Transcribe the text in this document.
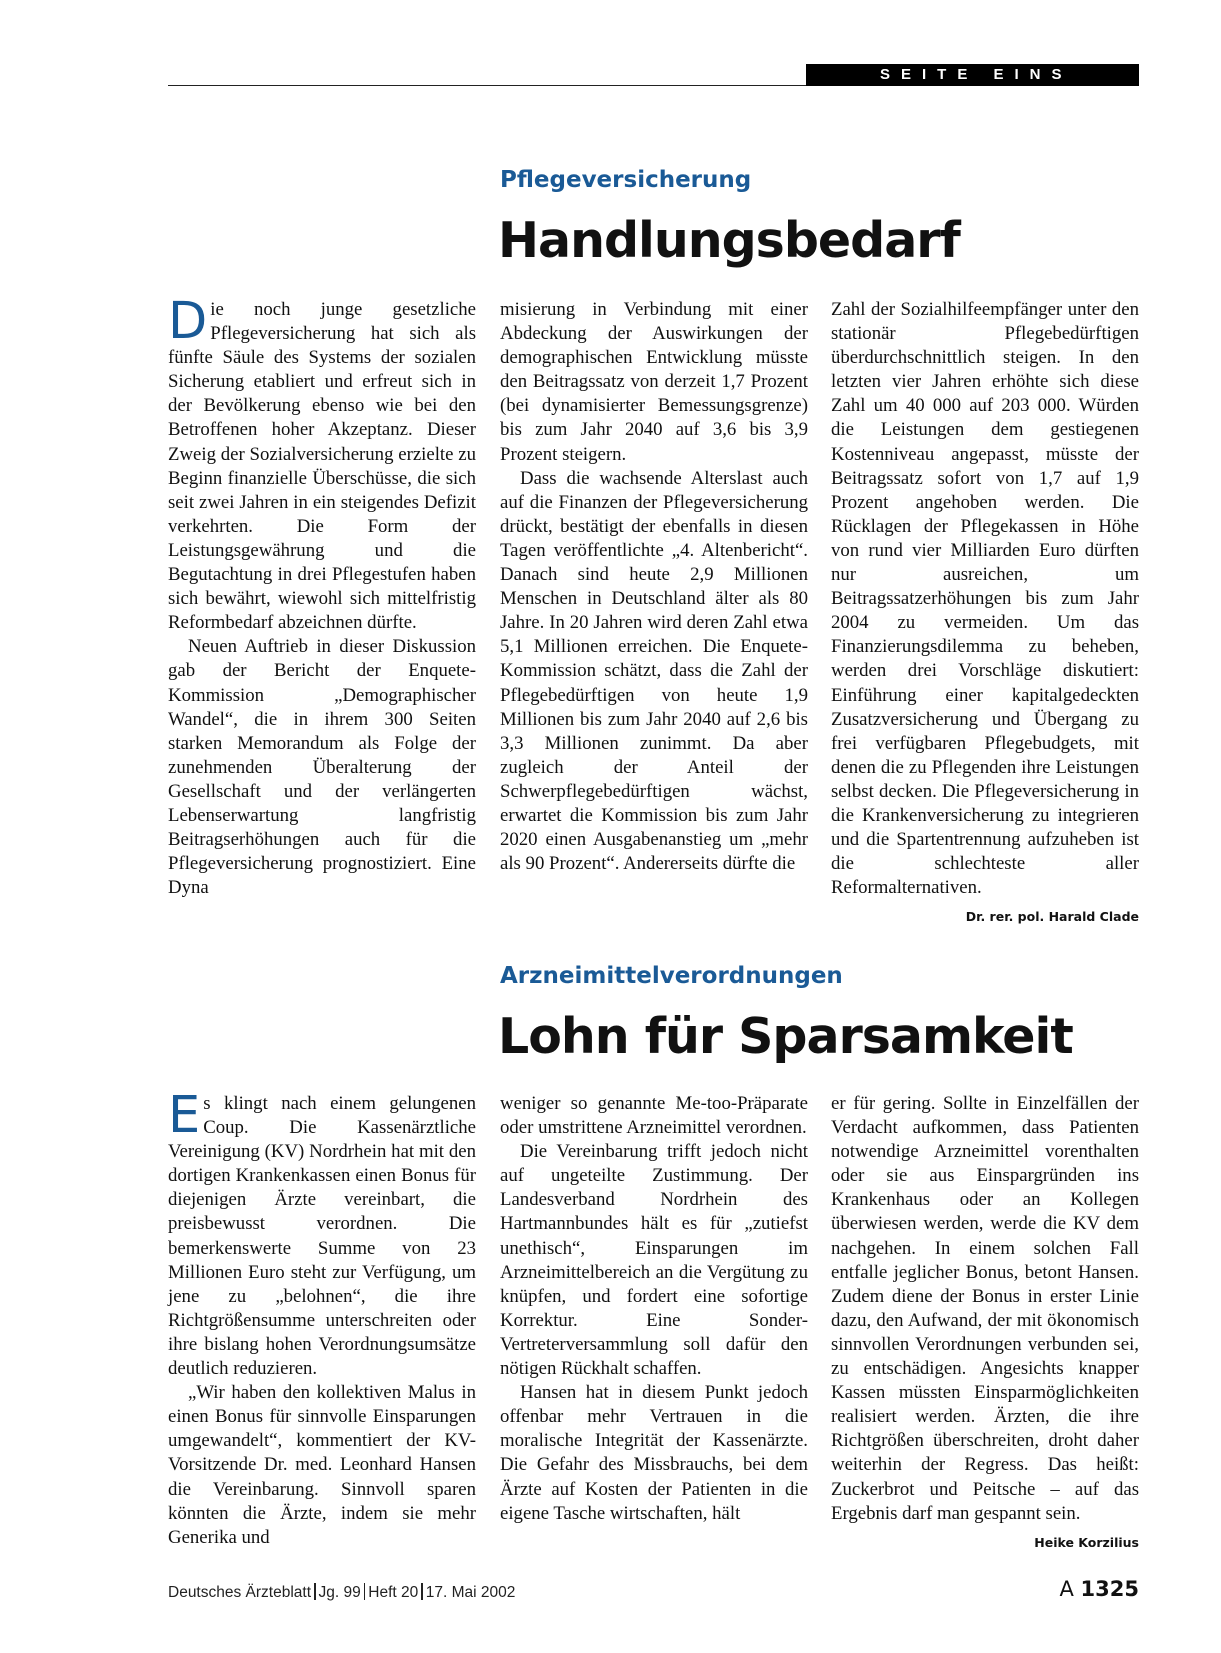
SEITE EINS
Pflegeversicherung
Handlungsbedarf

Die noch junge gesetzliche Pflegeversicherung hat sich als fünfte Säule des Systems der sozialen Sicherung etabliert und erfreut sich in der Bevölkerung ebenso wie bei den Betroffenen hoher Akzeptanz. Dieser Zweig der Sozialversicherung erzielte zu Beginn finanzielle Überschüsse, die sich seit zwei Jahren in ein steigendes Defizit verkehrten. Die Form der Leistungsgewährung und die Begutachtung in drei Pflegestufen haben sich bewährt, wiewohl sich mittelfristig Reformbedarf abzeichnen dürfte.

Neuen Auftrieb in dieser Diskussion gab der Bericht der Enquete-Kommission „Demographischer Wandel“, die in ihrem 300 Seiten starken Memorandum als Folge der zunehmenden Überalterung der Gesellschaft und der verlängerten Lebenserwartung langfristig Beitragserhöhungen auch für die Pflegeversicherung prognostiziert. Eine Dyna

misierung in Verbindung mit einer Abdeckung der Auswirkungen der demographischen Entwicklung müsste den Beitragssatz von derzeit 1,7 Prozent (bei dynamisierter Bemessungsgrenze) bis zum Jahr 2040 auf 3,6 bis 3,9 Prozent steigern.

Dass die wachsende Alterslast auch auf die Finanzen der Pflegeversicherung drückt, bestätigt der ebenfalls in diesen Tagen veröffentlichte „4. Altenbericht“. Danach sind heute 2,9 Millionen Menschen in Deutschland älter als 80 Jahre. In 20 Jahren wird deren Zahl etwa 5,1 Millionen erreichen. Die Enquete-Kommission schätzt, dass die Zahl der Pflegebedürftigen von heute 1,9 Millionen bis zum Jahr 2040 auf 2,6 bis 3,3 Millionen zunimmt. Da aber zugleich der Anteil der Schwerpflegebedürftigen wächst, erwartet die Kommission bis zum Jahr 2020 einen Ausgabenanstieg um „mehr als 90 Prozent“. Andererseits dürfte die

Zahl der Sozialhilfeempfänger unter den stationär Pflegebedürftigen überdurchschnittlich steigen. In den letzten vier Jahren erhöhte sich diese Zahl um 40 000 auf 203 000. Würden die Leistungen dem gestiegenen Kostenniveau angepasst, müsste der Beitragssatz sofort von 1,7 auf 1,9 Prozent angehoben werden. Die Rücklagen der Pflegekassen in Höhe von rund vier Milliarden Euro dürften nur ausreichen, um Beitragssatzerhöhungen bis zum Jahr 2004 zu vermeiden. Um das Finanzierungsdilemma zu beheben, werden drei Vorschläge diskutiert: Einführung einer kapitalgedeckten Zusatzversicherung und Übergang zu frei verfügbaren Pflegebudgets, mit denen die zu Pflegenden ihre Leistungen selbst decken. Die Pflegeversicherung in die Krankenversicherung zu integrieren und die Spartentrennung aufzuheben ist die schlechteste aller Reformalternativen.
Dr. rer. pol. Harald Clade

Arzneimittelverordnungen
Lohn für Sparsamkeit

Es klingt nach einem gelungenen Coup. Die Kassenärztliche Vereinigung (KV) Nordrhein hat mit den dortigen Krankenkassen einen Bonus für diejenigen Ärzte vereinbart, die preisbewusst verordnen. Die bemerkenswerte Summe von 23 Millionen Euro steht zur Verfügung, um jene zu „belohnen“, die ihre Richtgrößensumme unterschreiten oder ihre bislang hohen Verordnungsumsätze deutlich reduzieren.

„Wir haben den kollektiven Malus in einen Bonus für sinnvolle Einsparungen umgewandelt“, kommentiert der KV-Vorsitzende Dr. med. Leonhard Hansen die Vereinbarung. Sinnvoll sparen könnten die Ärzte, indem sie mehr Generika und

weniger so genannte Me-too-Präparate oder umstrittene Arzneimittel verordnen.

Die Vereinbarung trifft jedoch nicht auf ungeteilte Zustimmung. Der Landesverband Nordrhein des Hartmannbundes hält es für „zutiefst unethisch“, Einsparungen im Arzneimittelbereich an die Vergütung zu knüpfen, und fordert eine sofortige Korrektur. Eine Sonder-Vertreterversammlung soll dafür den nötigen Rückhalt schaffen.

Hansen hat in diesem Punkt jedoch offenbar mehr Vertrauen in die moralische Integrität der Kassenärzte. Die Gefahr des Missbrauchs, bei dem Ärzte auf Kosten der Patienten in die eigene Tasche wirtschaften, hält

er für gering. Sollte in Einzelfällen der Verdacht aufkommen, dass Patienten notwendige Arzneimittel vorenthalten oder sie aus Einspargründen ins Krankenhaus oder an Kollegen überwiesen werden, werde die KV dem nachgehen. In einem solchen Fall entfalle jeglicher Bonus, betont Hansen. Zudem diene der Bonus in erster Linie dazu, den Aufwand, der mit ökonomisch sinnvollen Verordnungen verbunden sei, zu entschädigen. Angesichts knapper Kassen müssten Einsparmöglichkeiten realisiert werden. Ärzten, die ihre Richtgrößen überschreiten, droht daher weiterhin der Regress. Das heißt: Zuckerbrot und Peitsche – auf das Ergebnis darf man gespannt sein.
Heike Korzilius

Deutsches Ärzteblatt Jg. 99 Heft 20 17. Mai 2002	A 1325
